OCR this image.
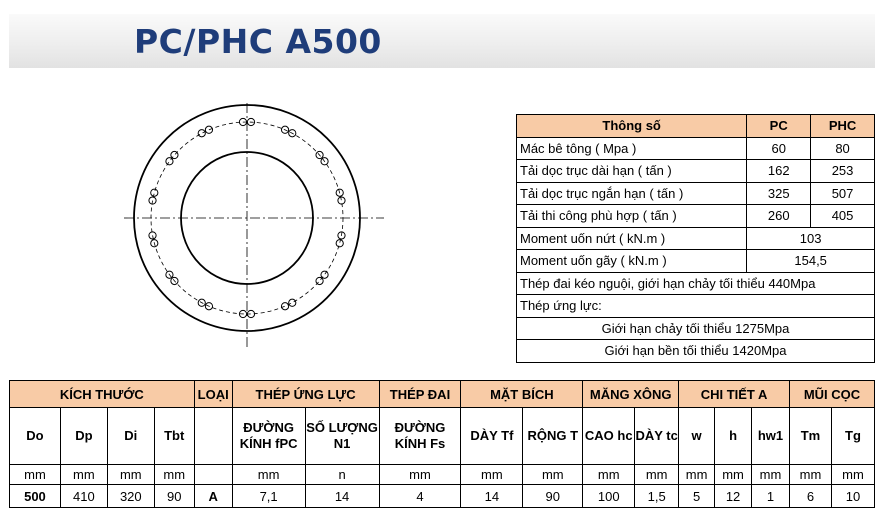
PC/PHC A500
Thông số	PC	PHC
Mác bê tông ( Mpa )	60	80
Tải dọc trục dài hạn ( tấn )	162	253
Tải dọc trục ngắn hạn ( tấn )	325	507
Tải thi công phù hợp ( tấn )	260	405
Moment uốn nứt ( kN.m )	103	
Moment uốn gãy ( kN.m )	154,5	
Thép đai kéo nguội, giới hạn chảy tối thiểu 440Mpa		
Thép ứng lực:		
Giới hạn chảy tối thiểu 1275Mpa		
Giới hạn bền tối thiểu 1420Mpa		
KÍCH THƯỚC				LOẠI	THÉP ỨNG LỰC		THÉP ĐAI	MẶT BÍCH		MĂNG XÔNG		CHI TIẾT A			MŨI CỌC	
Do	Dp	Di	Tbt		ĐƯỜNG KÍNH fPC	SỐ LƯỢNG N1	ĐƯỜNG KÍNH Fs	DÀY Tf	RỘNG T	CAO hc	DÀY tc	w	h	hw1	Tm	Tg
mm	mm	mm	mm		mm	n	mm	mm	mm	mm	mm	mm	mm	mm	mm	mm
500	410	320	90	A	7,1	14	4	14	90	100	1,5	5	12	1	6	10
